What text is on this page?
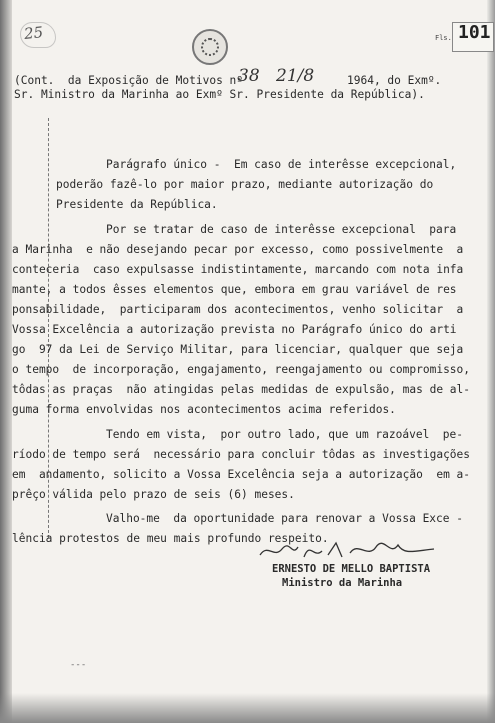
25	Fls. 101
(Cont.  da Exposição de Motivos nº
38 21/8	1964, do Exmº.
Sr. Ministro da Marinha ao Exmº Sr. Presidente da República).
Parágrafo único -  Em caso de interêsse excepcional,
poderão fazê-lo por maior prazo, mediante autorização do
Presidente da República.
Por se tratar de caso de interêsse excepcional  para
a Marinha  e não desejando pecar por excesso, como possivelmente  a
conteceria  caso expulsasse indistintamente, marcando com nota infa
mante, a todos êsses elementos que, embora em grau variável de res
ponsabilidade,  participaram dos acontecimentos, venho solicitar  a
Vossa Excelência a autorização prevista no Parágrafo único do arti
go  97 da Lei de Serviço Militar, para licenciar, qualquer que seja
o tempo  de incorporação, engajamento, reengajamento ou compromisso,
tôdas as praças  não atingidas pelas medidas de expulsão, mas de al-
guma forma envolvidas nos acontecimentos acima referidos.
Tendo em vista,  por outro lado, que um razoável  pe-
ríodo de tempo será  necessário para concluir tôdas as investigações
em  andamento, solicito a Vossa Excelência seja a autorização  em a-
prêço válida pelo prazo de seis (6) meses.
Valho-me  da oportunidade para renovar a Vossa Exce -
lência protestos de meu mais profundo respeito.
ERNESTO DE MELLO BAPTISTA
Ministro da Marinha
---
